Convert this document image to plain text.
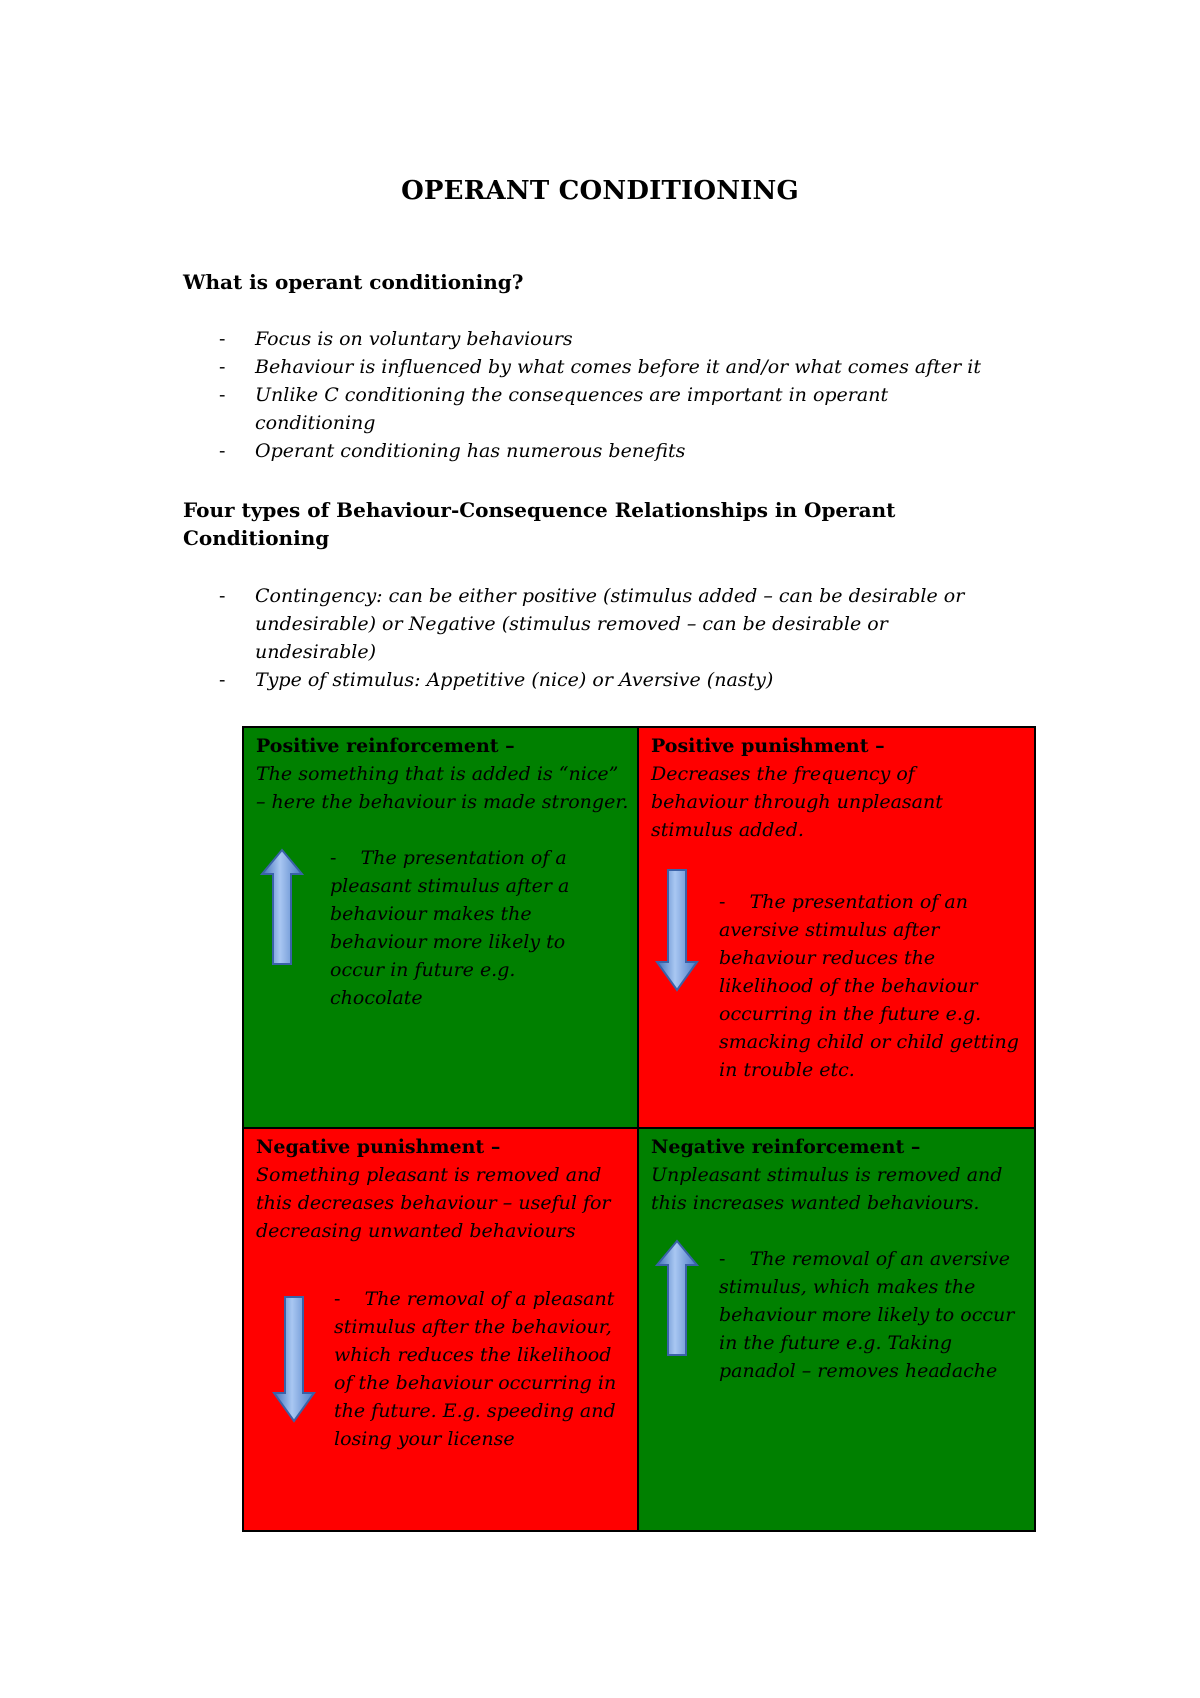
OPERANT CONDITIONING
What is operant conditioning?
- Focus is on voluntary behaviours
- Behaviour is influenced by what comes before it and/or what comes after it
- Unlike C conditioning the consequences are important in operant conditioning
- Operant conditioning has numerous benefits
Four types of Behaviour-Consequence Relationships in Operant Conditioning
- Contingency: can be either positive (stimulus added – can be desirable or undesirable) or Negative (stimulus removed – can be desirable or undesirable)
- Type of stimulus: Appetitive (nice) or Aversive (nasty)
Positive reinforcement –
The something that is added is “nice” – here the behaviour is made stronger.
-    The presentation of a pleasant stimulus after a behaviour makes the behaviour more likely to occur in future e.g. chocolate
Positive punishment –
Decreases the frequency of behaviour through unpleasant stimulus added.
-    The presentation of an aversive stimulus after behaviour reduces the likelihood of the behaviour occurring in the future e.g. smacking child or child getting in trouble etc.
Negative punishment –
Something pleasant is removed and this decreases behaviour – useful for decreasing unwanted behaviours
-    The removal of a pleasant stimulus after the behaviour, which reduces the likelihood of the behaviour occurring in the future. E.g. speeding and losing your license
Negative reinforcement –
Unpleasant stimulus is removed and this increases wanted behaviours.
-    The removal of an aversive stimulus, which makes the behaviour more likely to occur in the future e.g. Taking panadol – removes headache
